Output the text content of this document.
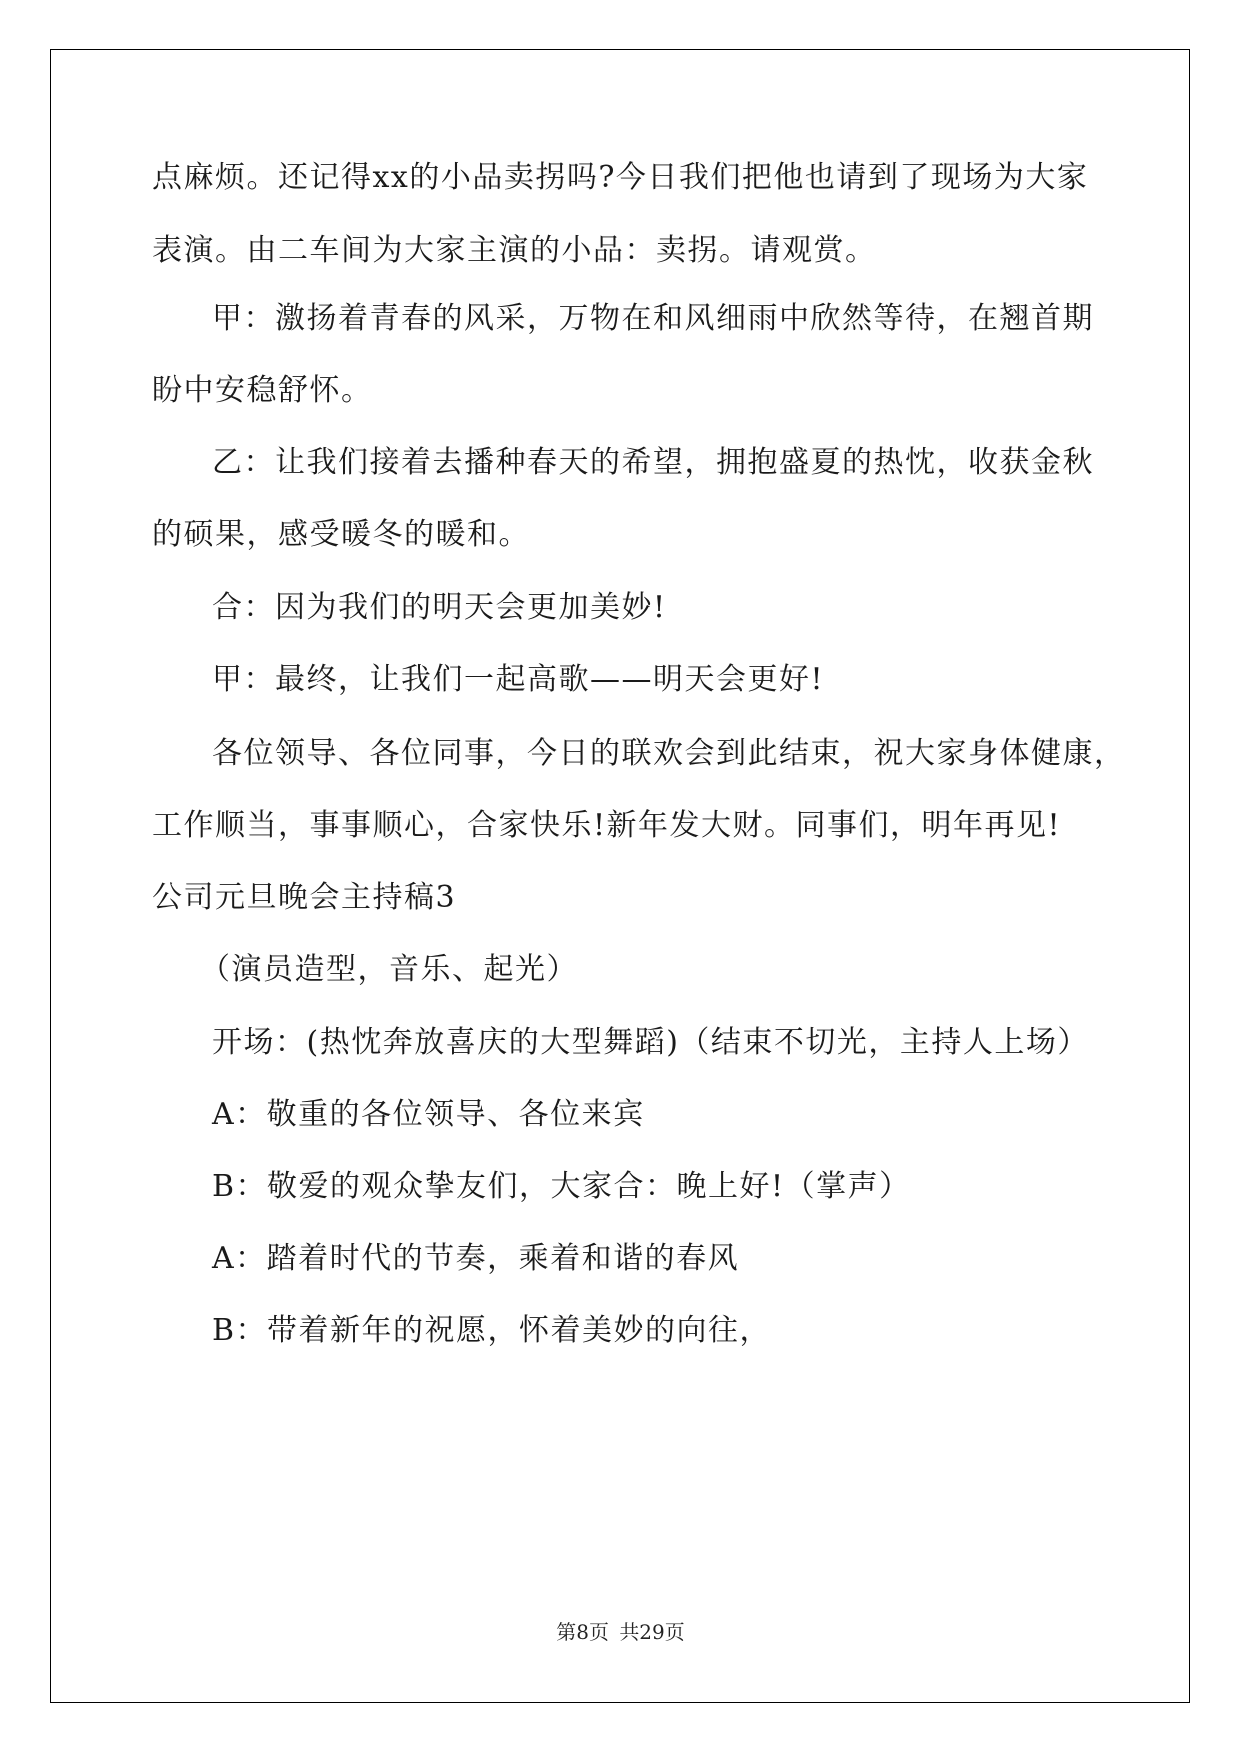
点麻烦。还记得xx的小品卖拐吗?今日我们把他也请到了现场为大家
表演。由二车间为大家主演的小品：卖拐。请观赏。
甲：激扬着青春的风采，万物在和风细雨中欣然等待，在翘首期
盼中安稳舒怀。
乙：让我们接着去播种春天的希望，拥抱盛夏的热忱，收获金秋
的硕果，感受暖冬的暖和。
合：因为我们的明天会更加美妙!
甲：最终，让我们一起高歌——明天会更好!
各位领导、各位同事，今日的联欢会到此结束，祝大家身体健康，
工作顺当，事事顺心，合家快乐!新年发大财。同事们，明年再见!
公司元旦晚会主持稿3
（演员造型，音乐、起光）
开场：(热忱奔放喜庆的大型舞蹈)（结束不切光，主持人上场）
A：敬重的各位领导、各位来宾
B：敬爱的观众挚友们，大家合：晚上好!（掌声）
A：踏着时代的节奏，乘着和谐的春风
B：带着新年的祝愿，怀着美妙的向往，
第8页 共29页
